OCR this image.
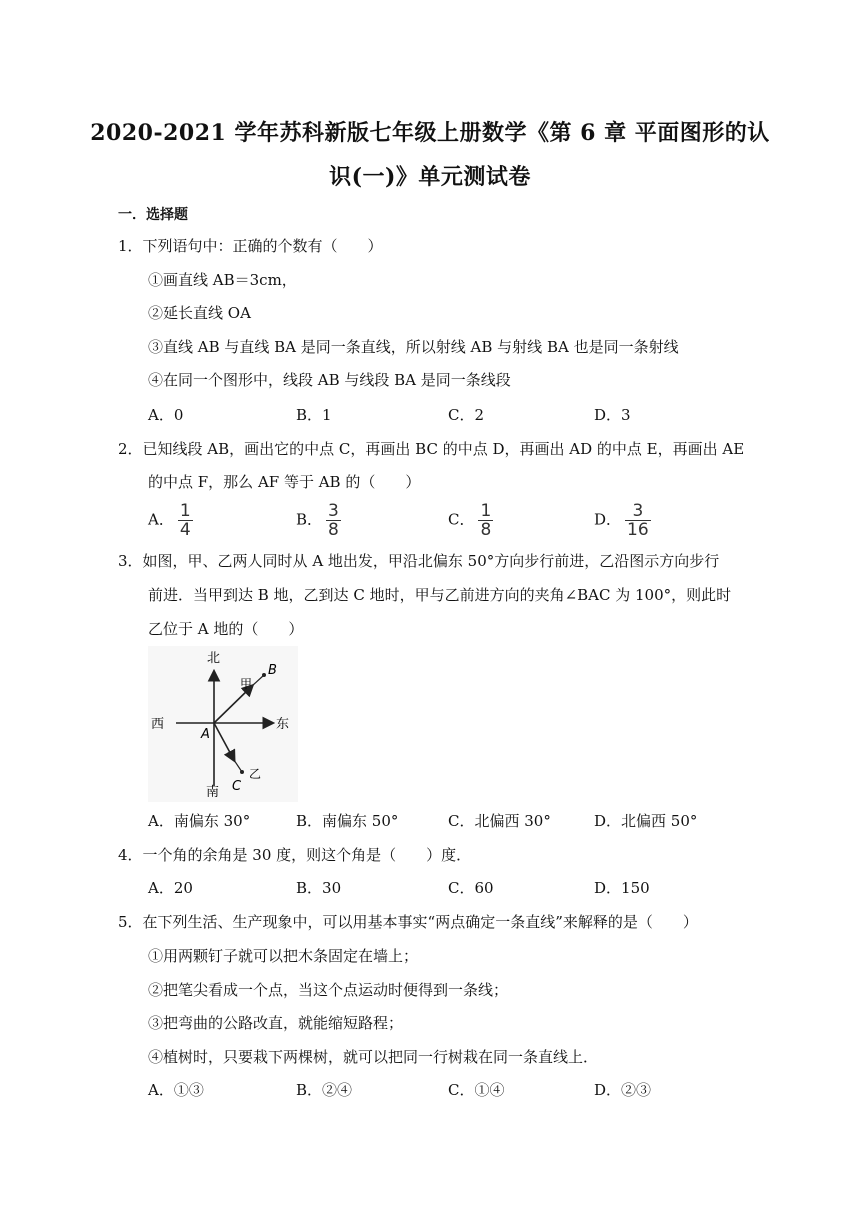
2020-2021 学年苏科新版七年级上册数学《第 6 章 平面图形的认
识(一)》单元测试卷
一．选择题
1．下列语句中：正确的个数有（　　）
①画直线 AB＝3cm，
②延长直线 OA
③直线 AB 与直线 BA 是同一条直线，所以射线 AB 与射线 BA 也是同一条射线
④在同一个图形中，线段 AB 与线段 BA 是同一条线段
A．0	B．1	C．2	D．3
2．已知线段 AB，画出它的中点 C，再画出 BC 的中点 D，再画出 AD 的中点 E，再画出 AE
的中点 F，那么 AF 等于 AB 的（　　）
A． $\frac{1}{4}$	B． $\frac{3}{8}$	C． $\frac{1}{8}$	D． $\frac{3}{16}$
3．如图，甲、乙两人同时从 A 地出发，甲沿北偏东 50°方向步行前进，乙沿图示方向步行
前进．当甲到达 B 地，乙到达 C 地时，甲与乙前进方向的夹角∠BAC 为 100°，则此时
乙位于 A 地的（　　）
北
南
西	东
A
B
C
甲
乙
A．南偏东 30°	B．南偏东 50°	C．北偏西 30°	D．北偏西 50°
4．一个角的余角是 30 度，则这个角是（　　）度．
A．20	B．30	C．60	D．150
5．在下列生活、生产现象中，可以用基本事实“两点确定一条直线”来解释的是（　　）
①用两颗钉子就可以把木条固定在墙上；
②把笔尖看成一个点，当这个点运动时便得到一条线；
③把弯曲的公路改直，就能缩短路程；
④植树时，只要栽下两棵树，就可以把同一行树栽在同一条直线上．
A．①③	B．②④	C．①④	D．②③
